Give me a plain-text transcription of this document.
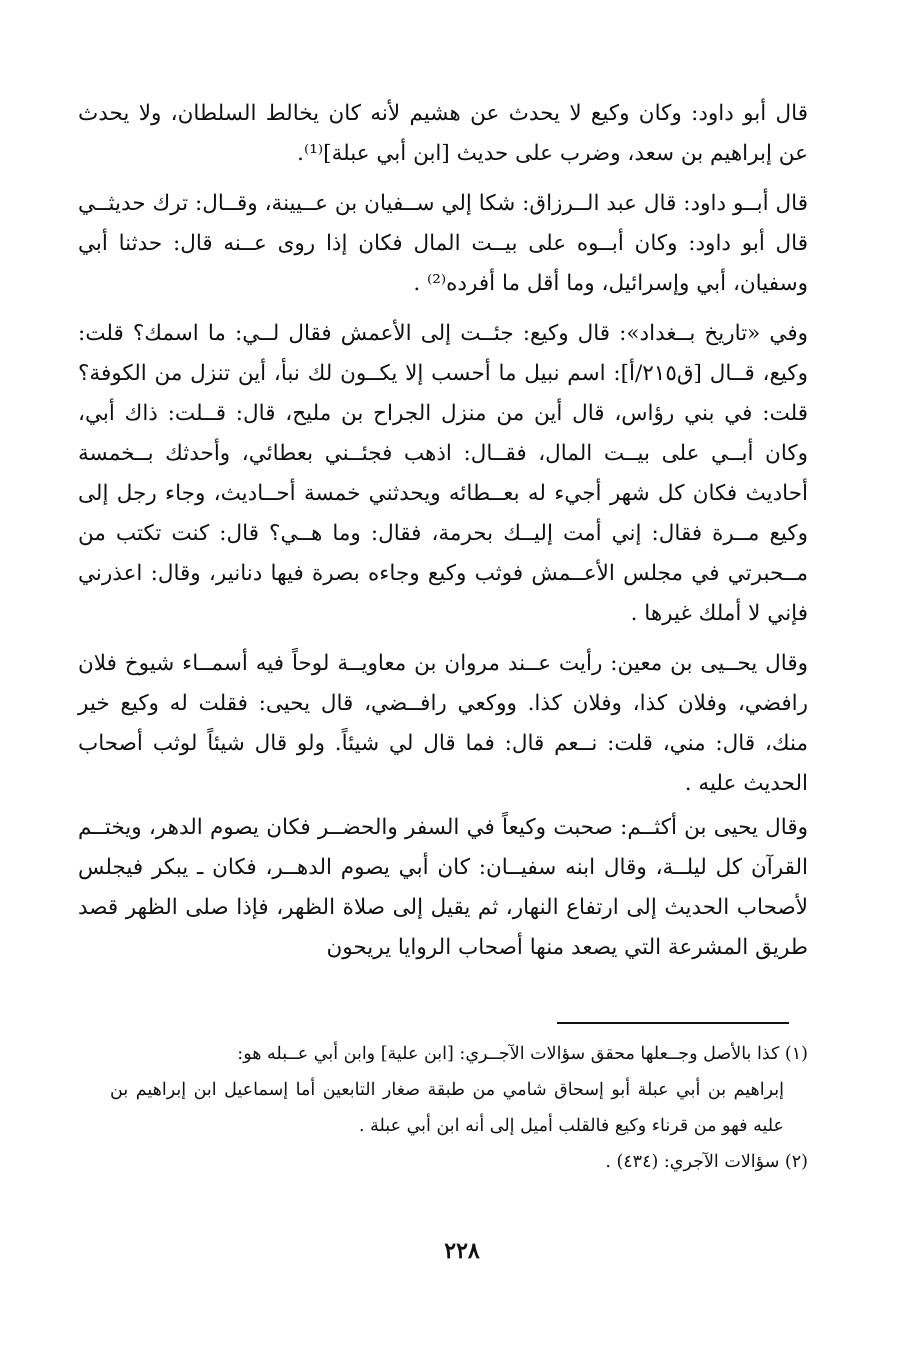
قال أبو داود: وكان وكيع لا يحدث عن هشيم لأنه كان يخالط السلطان، ولا يحدث عن إبراهيم بن سعد، وضرب على حديث [ابن أبي عبلة]⁽¹⁾.

قال أبــو داود: قال عبد الــرزاق: شكا إلي ســفيان بن عــيينة، وقــال: ترك حديثــي قال أبو داود: وكان أبــوه على بيــت المال فكان إذا روى عــنه قال: حدثنا أبي وسفيان، أبي وإسرائيل، وما أقل ما أفرده⁽²⁾ .

وفي «تاريخ بــغداد»: قال وكيع: جئــت إلى الأعمش فقال لــي: ما اسمك؟ قلت: وكيع، قــال [ق٢١٥/أ]: اسم نبيل ما أحسب إلا يكــون لك نبأ، أين تنزل من الكوفة؟ قلت: في بني رؤاس، قال أين من منزل الجراح بن مليح، قال: قــلت: ذاك أبي، وكان أبــي على بيــت المال، فقــال: اذهب فجئــني بعطائي، وأحدثك بــخمسة أحاديث فكان كل شهر أجيء له بعــطائه ويحدثني خمسة أحــاديث، وجاء رجل إلى وكيع مــرة فقال: إني أمت إليــك بحرمة، فقال: وما هــي؟ قال: كنت تكتب من مــحبرتي في مجلس الأعــمش فوثب وكيع وجاءه بصرة فيها دنانير، وقال: اعذرني فإني لا أملك غيرها .

وقال يحــيى بن معين: رأيت عــند مروان بن معاويــة لوحاً فيه أسمــاء شيوخ فلان رافضي، وفلان كذا، وفلان كذا. ووكعي رافــضي، قال يحيى: فقلت له وكيع خير منك، قال: مني، قلت: نــعم قال: فما قال لي شيئاً. ولو قال شيئاً لوثب أصحاب الحديث عليه .

وقال يحيى بن أكثــم: صحبت وكيعاً في السفر والحضــر فكان يصوم الدهر، ويختــم القرآن كل ليلــة، وقال ابنه سفيــان: كان أبي يصوم الدهــر، فكان ـ يبكر فيجلس لأصحاب الحديث إلى ارتفاع النهار، ثم يقيل إلى صلاة الظهر، فإذا صلى الظهر قصد طريق المشرعة التي يصعد منها أصحاب الروايا يريحون

(١) كذا بالأصل وجــعلها محقق سؤالات الآجــري: [ابن علية] وابن أبي عــبله هو:

إبراهيم بن أبي عبلة أبو إسحاق شامي من طبقة صغار التابعين أما إسماعيل ابن إبراهيم بن عليه فهو من قرناء وكيع فالقلب أميل إلى أنه ابن أبي عبلة .

(٢) سؤالات الآجري: (٤٣٤) .

٢٢٨
